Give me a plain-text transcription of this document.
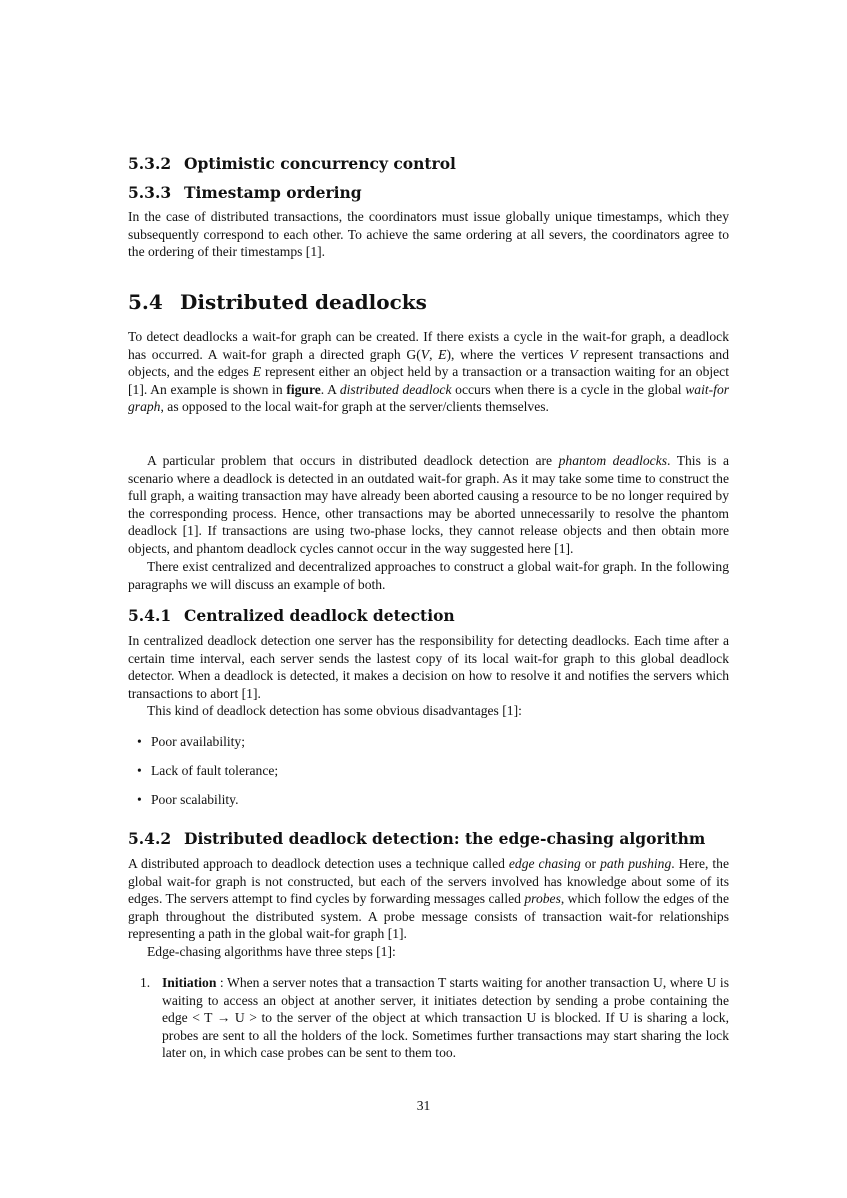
5.3.2 Optimistic concurrency control
5.3.3 Timestamp ordering

In the case of distributed transactions, the coordinators must issue globally unique timestamps, which they subsequently correspond to each other. To achieve the same ordering at all severs, the coordinators agree to the ordering of their timestamps [1].

5.4 Distributed deadlocks

To detect deadlocks a wait-for graph can be created. If there exists a cycle in the wait-for graph, a deadlock has occurred. A wait-for graph a directed graph G(V, E), where the vertices V represent transactions and objects, and the edges E represent either an object held by a transaction or a transaction waiting for an object [1]. An example is shown in figure. A distributed deadlock occurs when there is a cycle in the global wait-for graph, as opposed to the local wait-for graph at the server/clients themselves.

A particular problem that occurs in distributed deadlock detection are phantom deadlocks. This is a scenario where a deadlock is detected in an outdated wait-for graph. As it may take some time to construct the full graph, a waiting transaction may have already been aborted causing a resource to be no longer required by the corresponding process. Hence, other transactions may be aborted unnecessarily to resolve the phantom deadlock [1]. If transactions are using two-phase locks, they cannot release objects and then obtain more objects, and phantom deadlock cycles cannot occur in the way suggested here [1].

There exist centralized and decentralized approaches to construct a global wait-for graph. In the following paragraphs we will discuss an example of both.

5.4.1 Centralized deadlock detection

In centralized deadlock detection one server has the responsibility for detecting deadlocks. Each time after a certain time interval, each server sends the lastest copy of its local wait-for graph to this global deadlock detector. When a deadlock is detected, it makes a decision on how to resolve it and notifies the servers which transactions to abort [1].

This kind of deadlock detection has some obvious disadvantages [1]:

• Poor availability;
• Lack of fault tolerance;
• Poor scalability.
5.4.2 Distributed deadlock detection: the edge-chasing algorithm

A distributed approach to deadlock detection uses a technique called edge chasing or path pushing. Here, the global wait-for graph is not constructed, but each of the servers involved has knowledge about some of its edges. The servers attempt to find cycles by forwarding messages called probes, which follow the edges of the graph throughout the distributed system. A probe message consists of transaction wait-for relationships representing a path in the global wait-for graph [1].

Edge-chasing algorithms have three steps [1]:

1. Initiation : When a server notes that a transaction T starts waiting for another transaction U, where U is waiting to access an object at another server, it initiates detection by sending a probe containing the edge < T → U > to the server of the object at which transaction U is blocked. If U is sharing a lock, probes are sent to all the holders of the lock. Sometimes further transactions may start sharing the lock later on, in which case probes can be sent to them too.
31
